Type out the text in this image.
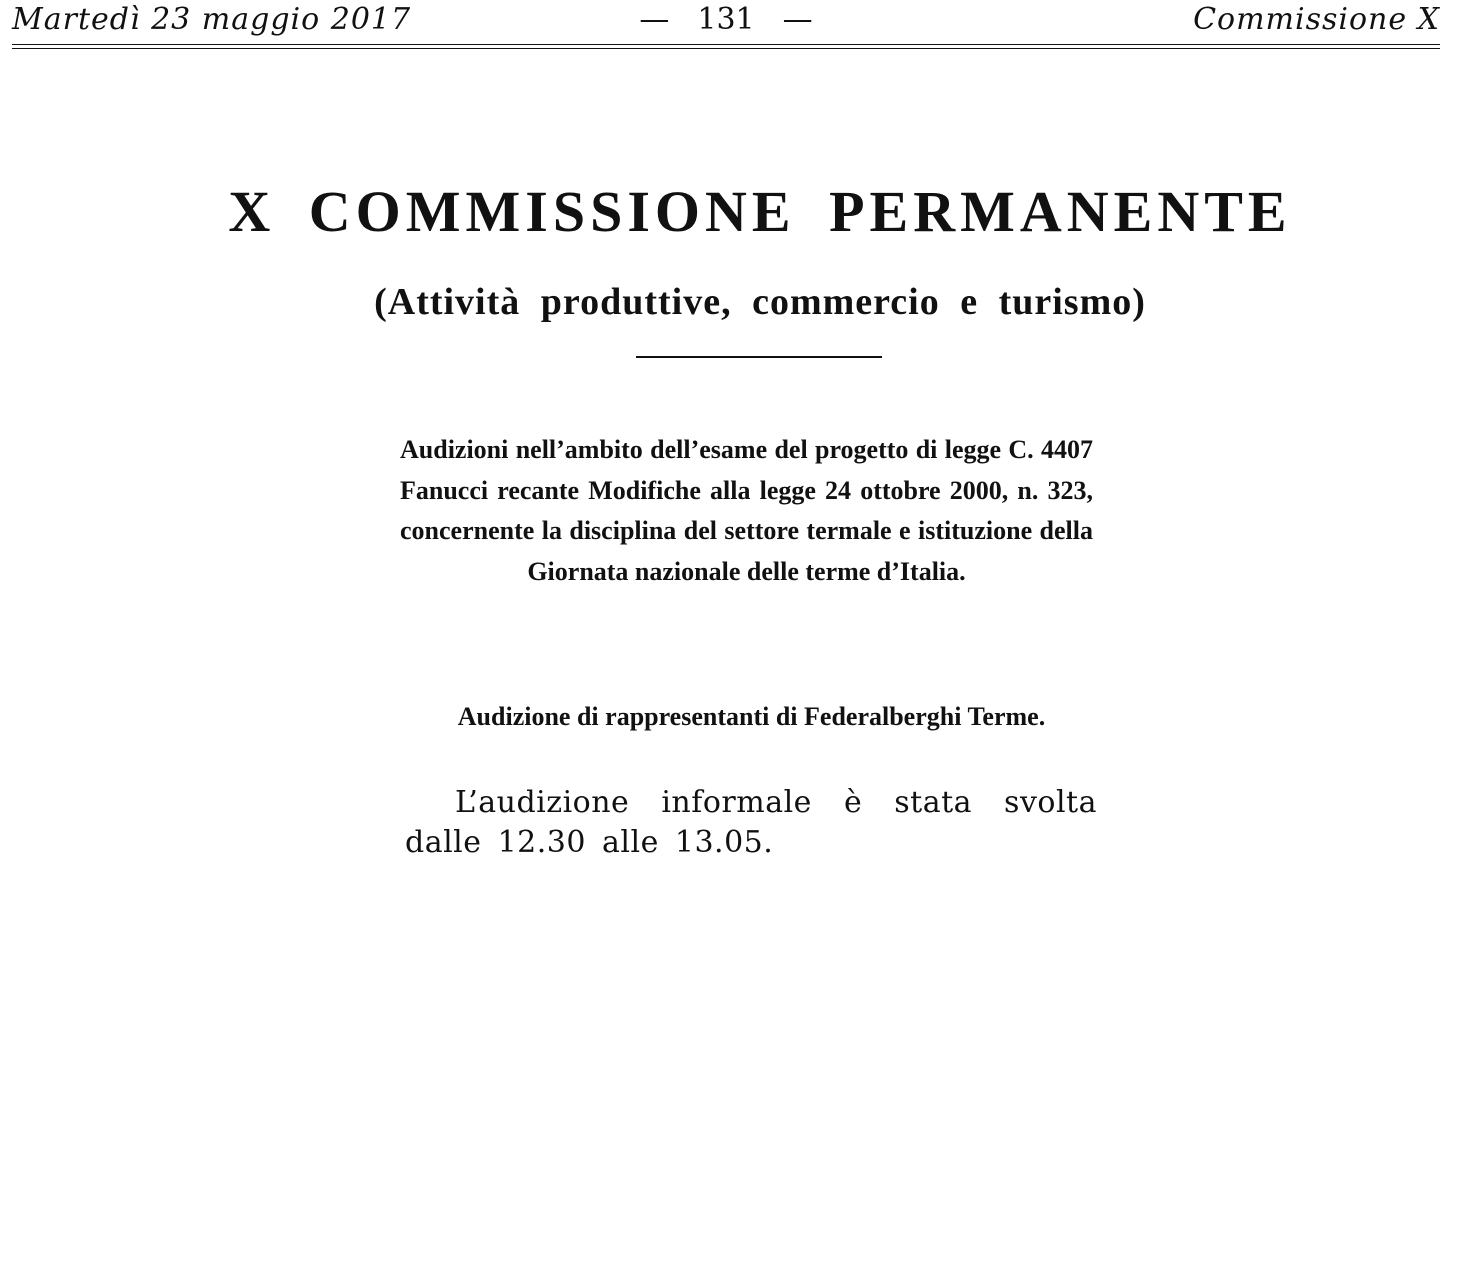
Martedì 23 maggio 2017	— 131 —	Commissione X
X COMMISSIONE PERMANENTE
(Attività produttive, commercio e turismo)
Audizioni nell’ambito dell’esame del progetto di legge C. 4407 Fanucci recante Modifiche alla legge 24 ottobre 2000, n. 323, concernente la disciplina del settore termale e istituzione della Giornata nazionale delle terme d’Italia.
Audizione di rappresentanti di Federalberghi Terme.
L’audizione informale è stata svolta dalle 12.30 alle 13.05.
